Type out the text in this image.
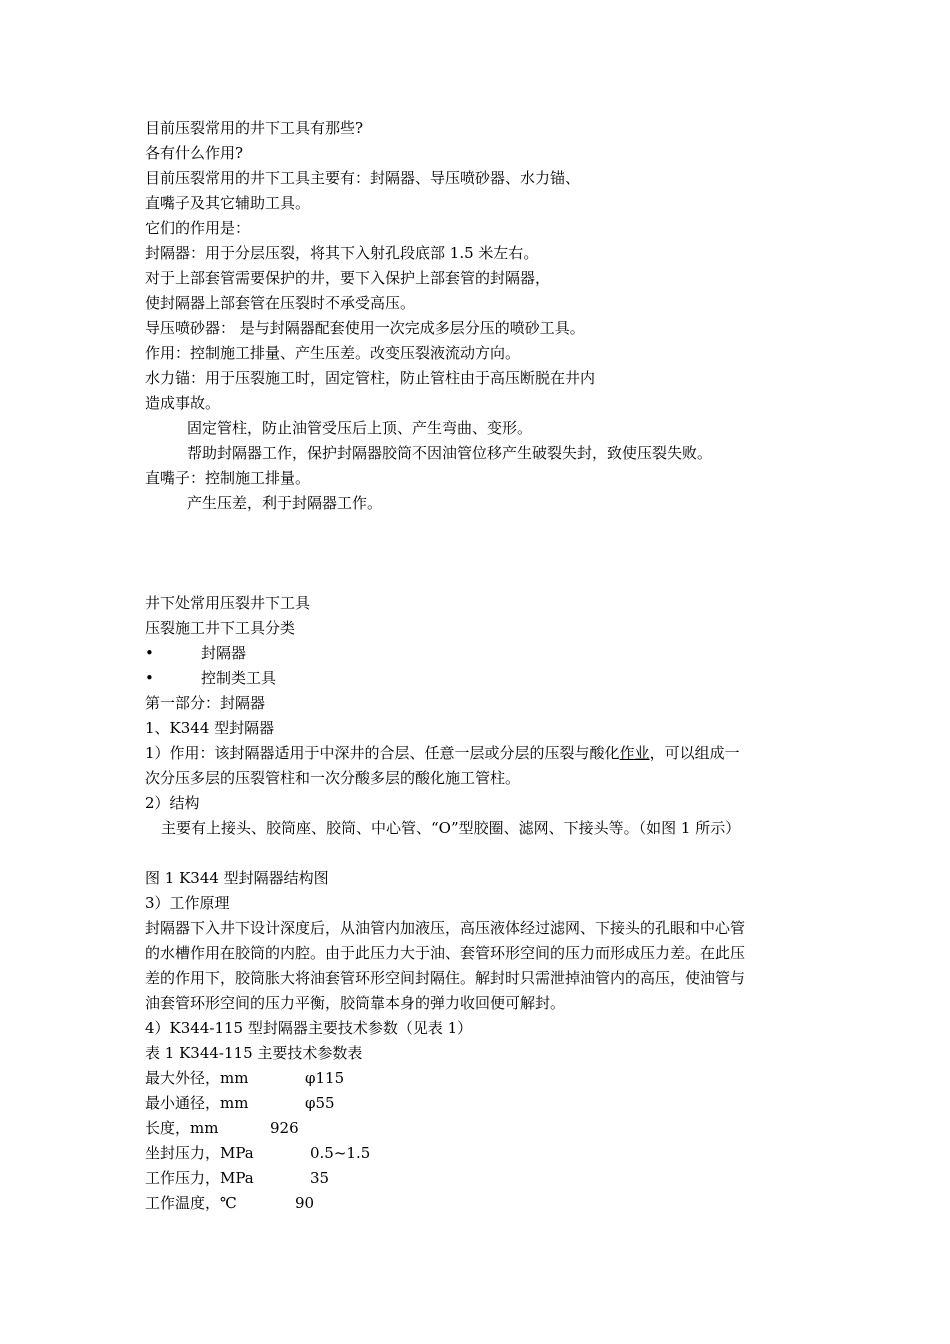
目前压裂常用的井下工具有那些?
各有什么作用?
目前压裂常用的井下工具主要有：封隔器、导压喷砂器、水力锚、
直嘴子及其它辅助工具。
它们的作用是：
封隔器：用于分层压裂，将其下入射孔段底部 1.5 米左右。
对于上部套管需要保护的井，要下入保护上部套管的封隔器，
使封隔器上部套管在压裂时不承受高压。
导压喷砂器： 是与封隔器配套使用一次完成多层分压的喷砂工具。
作用：控制施工排量、产生压差。改变压裂液流动方向。
水力锚：用于压裂施工时，固定管柱，防止管柱由于高压断脱在井内
造成事故。
固定管柱，防止油管受压后上顶、产生弯曲、变形。
帮助封隔器工作，保护封隔器胶筒不因油管位移产生破裂失封，致使压裂失败。
直嘴子：控制施工排量。
产生压差，利于封隔器工作。
井下处常用压裂井下工具
压裂施工井下工具分类
•	封隔器
•	控制类工具
第一部分：封隔器
1、K344 型封隔器
1）作用：该封隔器适用于中深井的合层、任意一层或分层的压裂与酸化作业，可以组成一
次分压多层的压裂管柱和一次分酸多层的酸化施工管柱。
2）结构
主要有上接头、胶筒座、胶筒、中心管、“O”型胶圈、滤网、下接头等。（如图 1 所示）
图 1 K344 型封隔器结构图
3）工作原理
封隔器下入井下设计深度后，从油管内加液压，高压液体经过滤网、下接头的孔眼和中心管
的水槽作用在胶筒的内腔。由于此压力大于油、套管环形空间的压力而形成压力差。在此压
差的作用下，胶筒胀大将油套管环形空间封隔住。解封时只需泄掉油管内的高压，使油管与
油套管环形空间的压力平衡，胶筒靠本身的弹力收回便可解封。
4）K344-115 型封隔器主要技术参数（见表 1）
表 1 K344-115 主要技术参数表
最大外径，mm	φ115
最小通径，mm	φ55
长度，mm	926
坐封压力，MPa	0.5~1.5
工作压力，MPa	35
工作温度，℃	90
